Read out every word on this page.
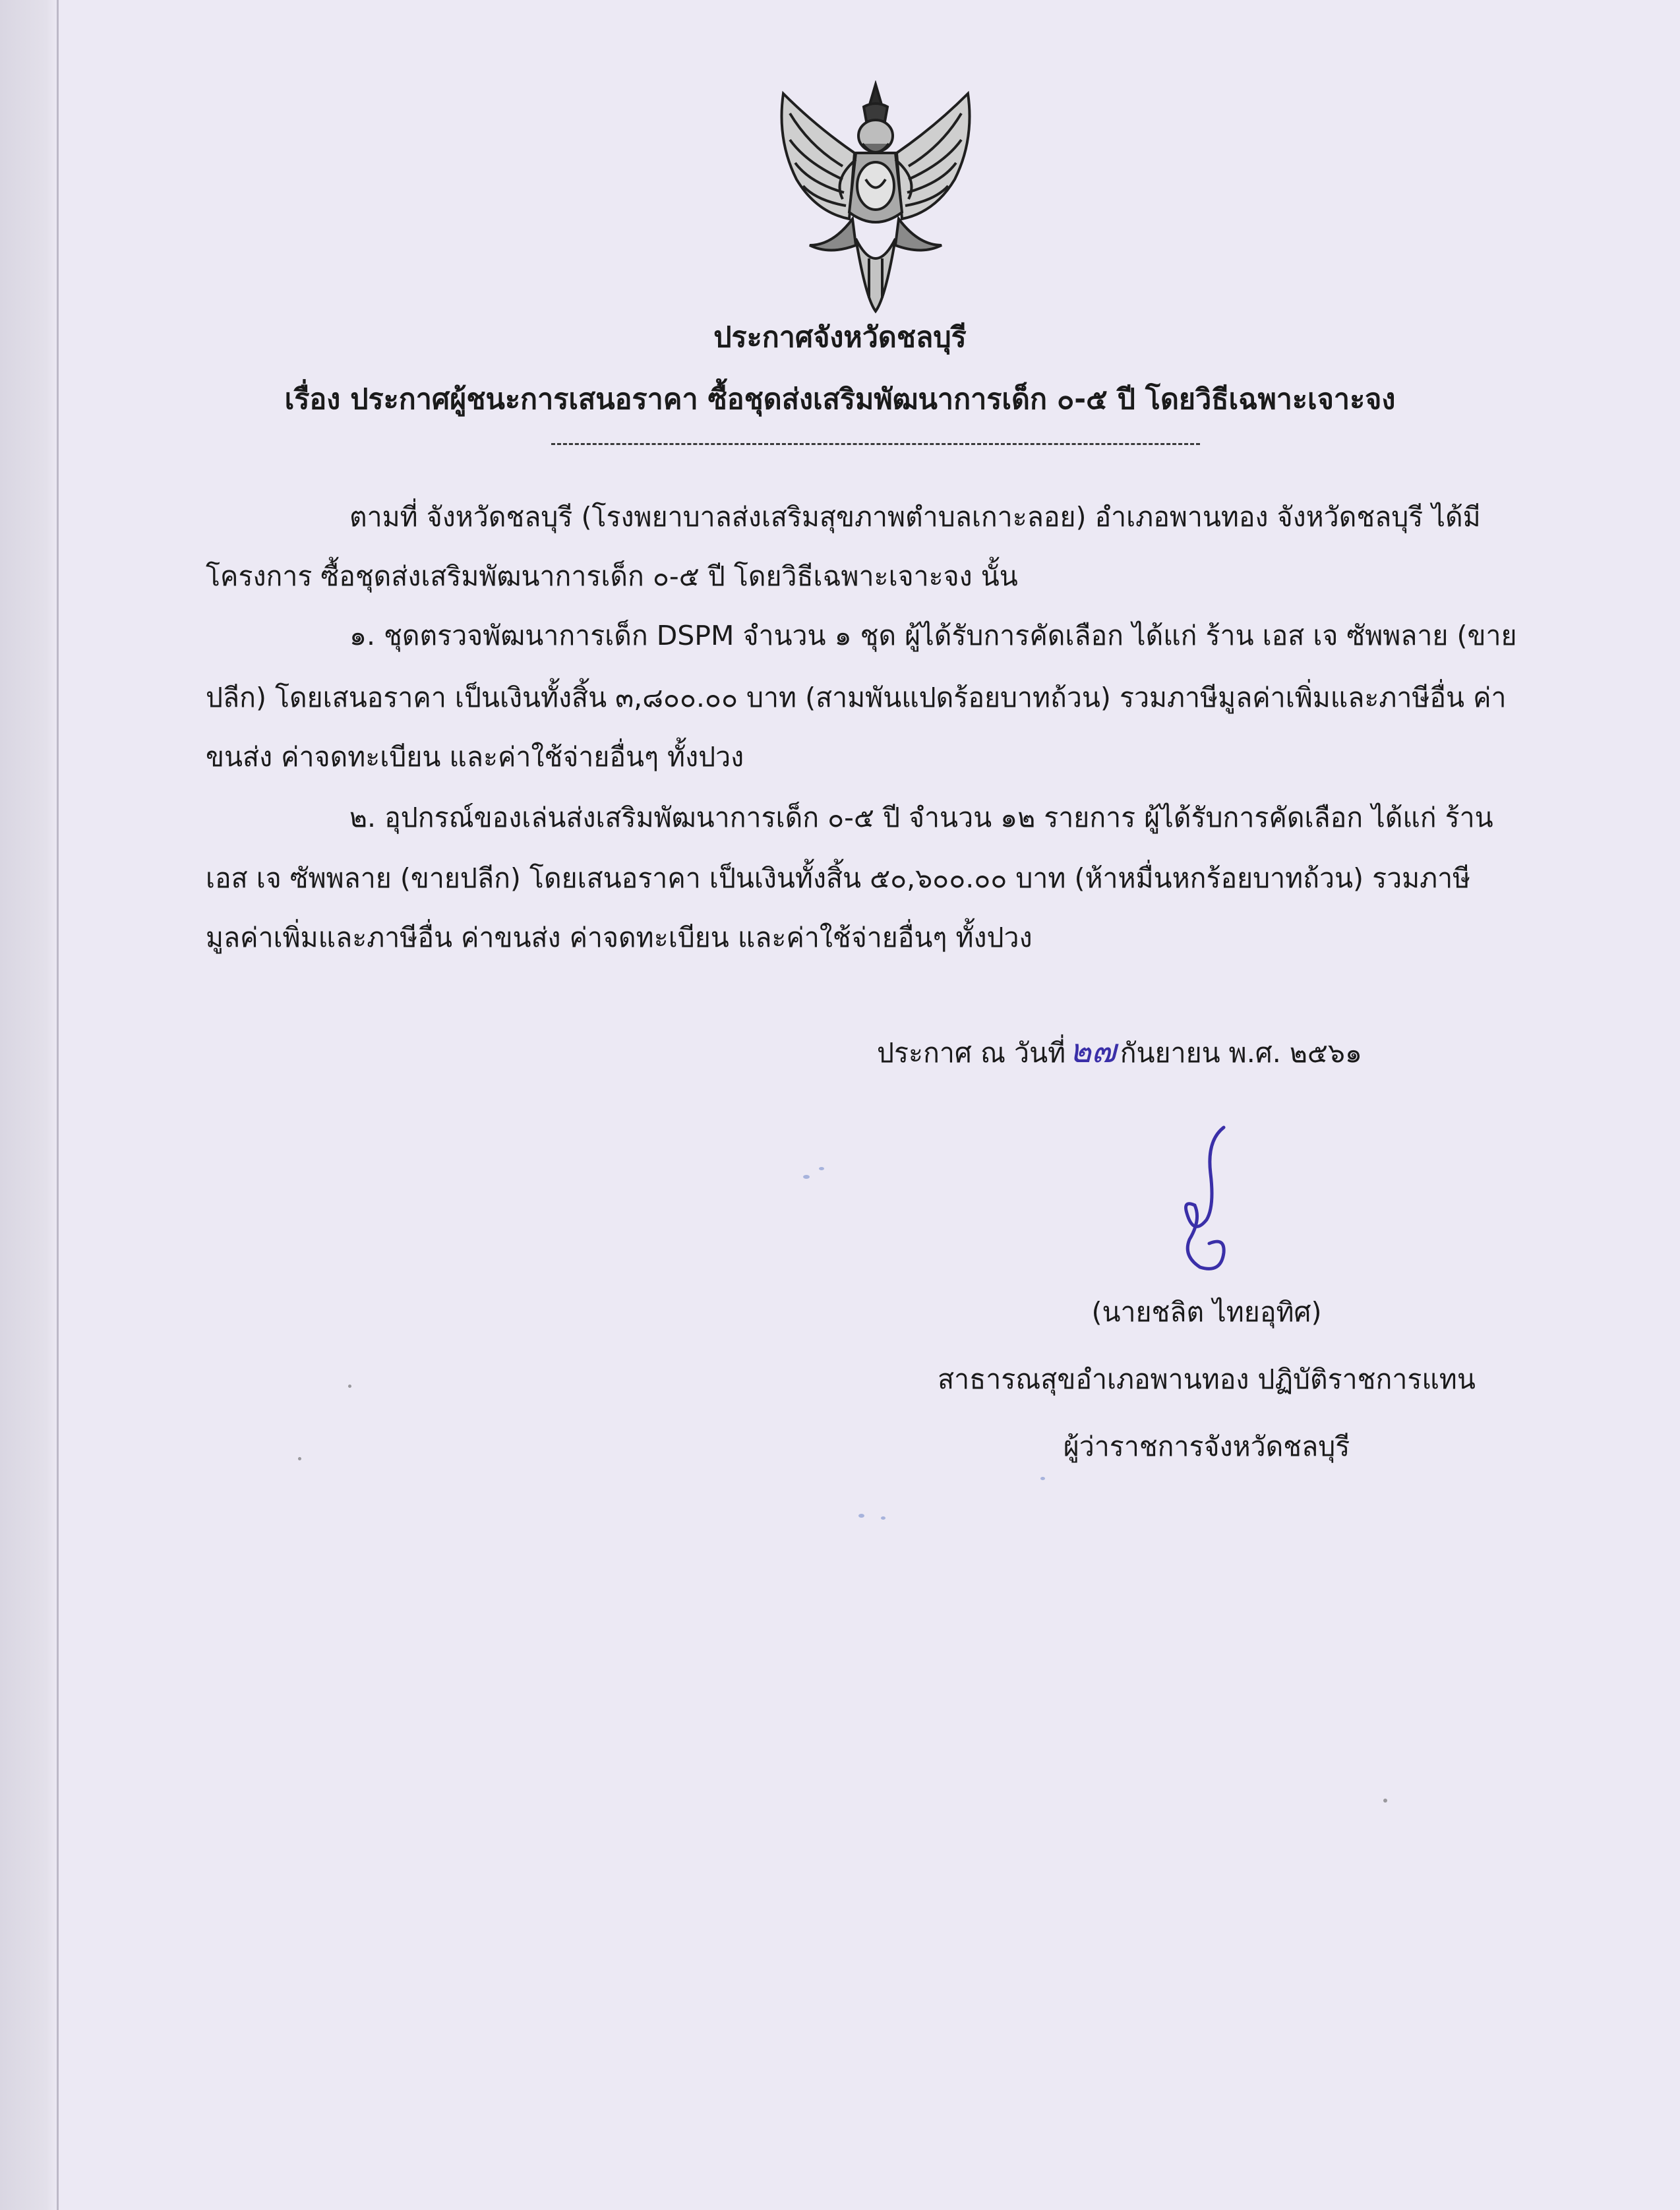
ประกาศจังหวัดชลบุรี
เรื่อง ประกาศผู้ชนะการเสนอราคา ซื้อชุดส่งเสริมพัฒนาการเด็ก ๐-๕ ปี โดยวิธีเฉพาะเจาะจง
ตามที่ จังหวัดชลบุรี (โรงพยาบาลส่งเสริมสุขภาพตำบลเกาะลอย) อำเภอพานทอง จังหวัดชลบุรี ได้มี
โครงการ ซื้อชุดส่งเสริมพัฒนาการเด็ก ๐-๕ ปี โดยวิธีเฉพาะเจาะจง นั้น
๑. ชุดตรวจพัฒนาการเด็ก DSPM จำนวน ๑ ชุด ผู้ได้รับการคัดเลือก ได้แก่ ร้าน เอส เจ ซัพพลาย (ขาย
ปลีก) โดยเสนอราคา เป็นเงินทั้งสิ้น ๓,๘๐๐.๐๐ บาท (สามพันแปดร้อยบาทถ้วน) รวมภาษีมูลค่าเพิ่มและภาษีอื่น ค่า
ขนส่ง ค่าจดทะเบียน และค่าใช้จ่ายอื่นๆ ทั้งปวง
๒. อุปกรณ์ของเล่นส่งเสริมพัฒนาการเด็ก ๐-๕ ปี จำนวน ๑๒ รายการ ผู้ได้รับการคัดเลือก ได้แก่ ร้าน
เอส เจ ซัพพลาย (ขายปลีก) โดยเสนอราคา เป็นเงินทั้งสิ้น ๕๐,๖๐๐.๐๐ บาท (ห้าหมื่นหกร้อยบาทถ้วน) รวมภาษี
มูลค่าเพิ่มและภาษีอื่น ค่าขนส่ง ค่าจดทะเบียน และค่าใช้จ่ายอื่นๆ ทั้งปวง
ประกาศ ณ วันที่ ๒๗ กันยายน พ.ศ. ๒๕๖๑
(นายชลิต ไทยอุทิศ)
สาธารณสุขอำเภอพานทอง ปฏิบัติราชการแทน
ผู้ว่าราชการจังหวัดชลบุรี
